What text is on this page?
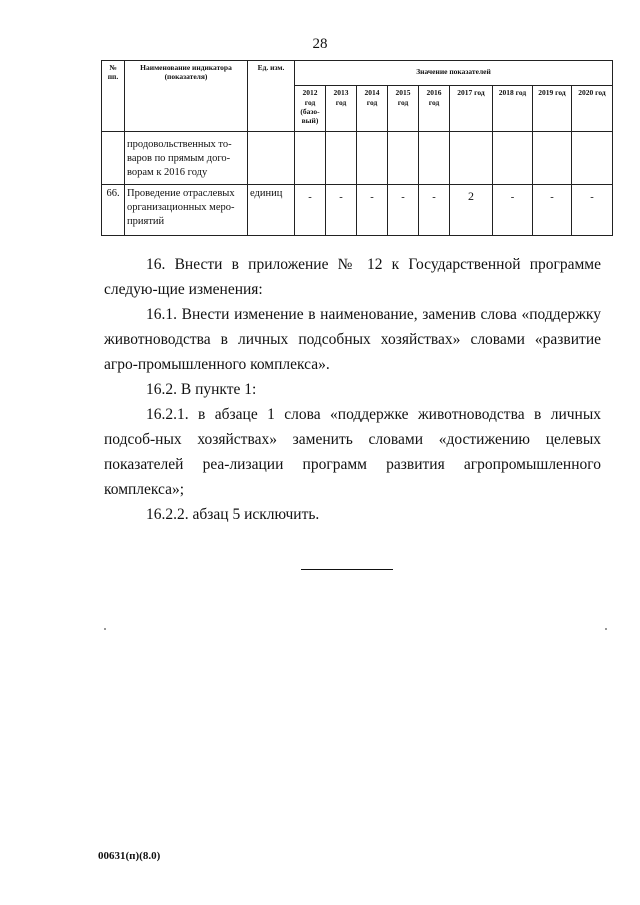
28
№ пп.	Наименование индикатора (показателя)	Ед. изм.	Значение показателей								
			2012 год (базо-вый)	2013 год	2014 год	2015 год	2016 год	2017 год	2018 год	2019 год	2020 год
	продовольственных то-варов по прямым дого-ворам к 2016 году										
66.	Проведение отраслевых организационных меро-приятий	единиц	-	-	-	-	-	2	-	-	-

16. Внести в приложение № 12 к Государственной программе следую-щие изменения:

16.1. Внести изменение в наименование, заменив слова «поддержку животноводства в личных подсобных хозяйствах» словами «развитие агро-промышленного комплекса».

16.2. В пункте 1:

16.2.1. в абзаце 1 слова «поддержке животноводства в личных подсоб-ных хозяйствах» заменить словами «достижению целевых показателей реа-лизации программ развития агропромышленного комплекса»;

16.2.2. абзац 5 исключить.

00631(п)(8.0)
